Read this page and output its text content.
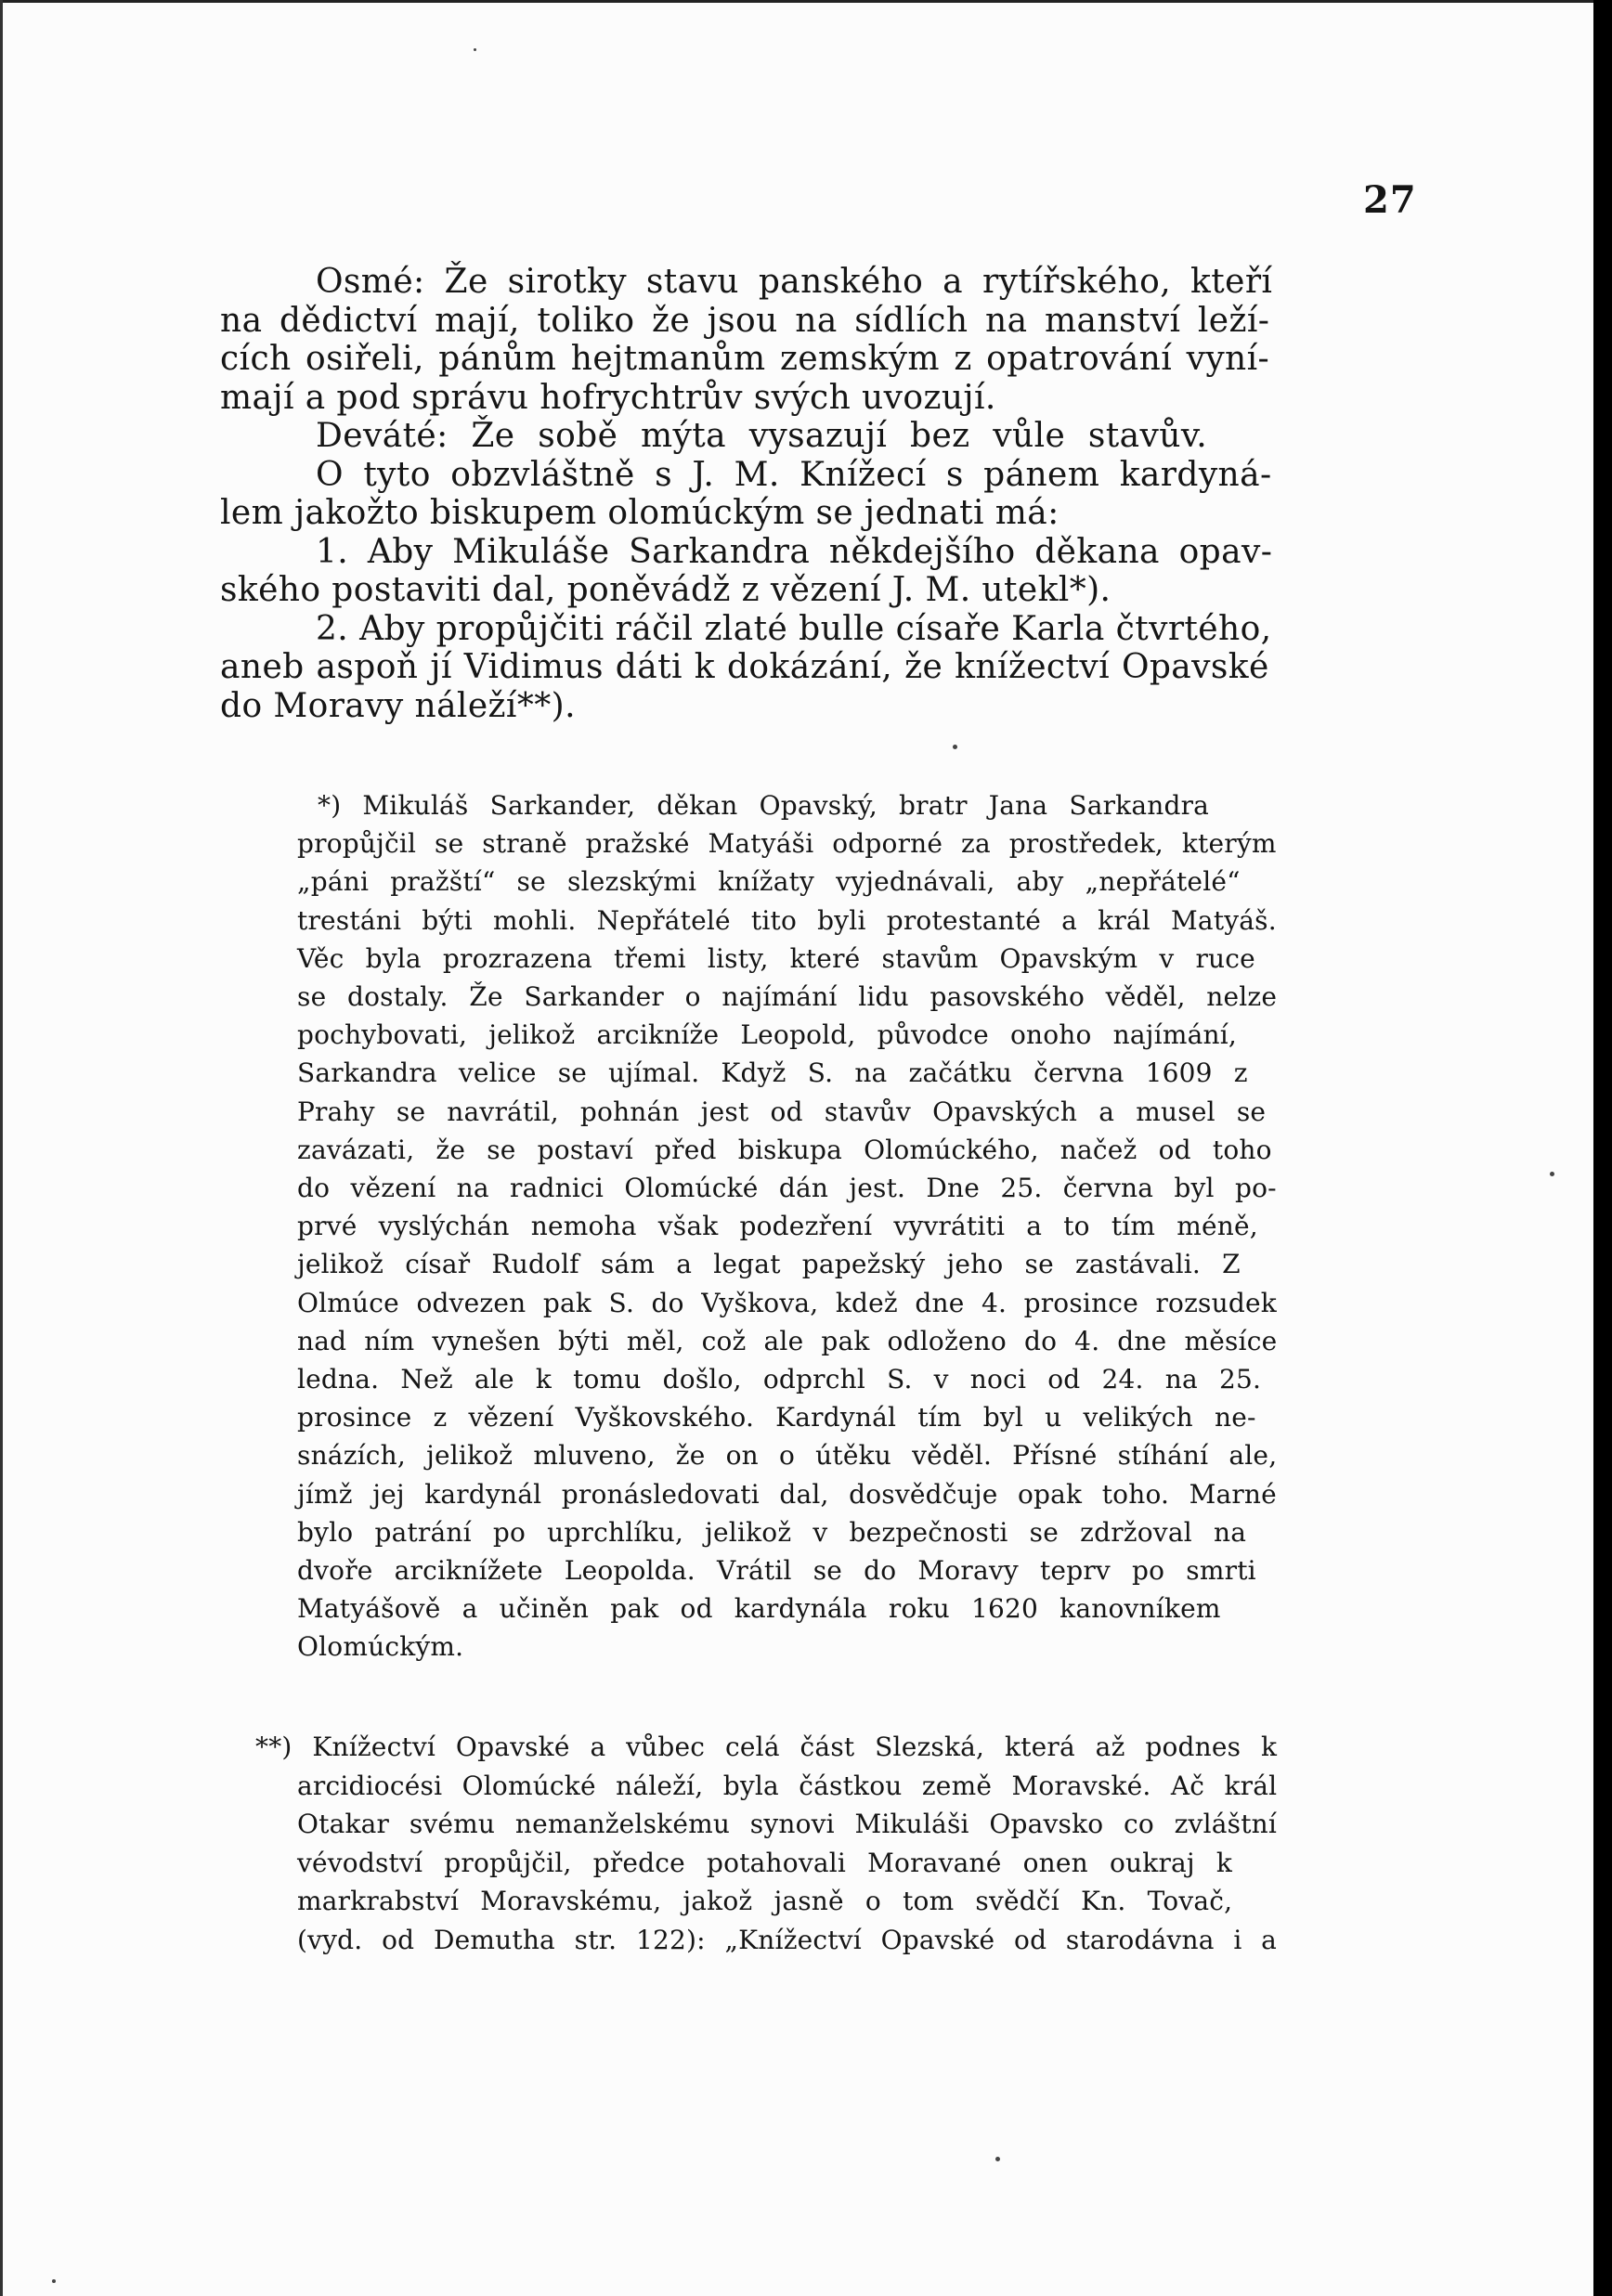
27

Osmé: Že sirotky stavu panského a rytířského, kteří

na dědictví mají, toliko že jsou na sídlích na manství leží-

cích osiřeli, pánům hejtmanům zemským z opatrování vyní-

mají a pod správu hofrychtrův svých uvozují.

Deváté: Že sobě mýta vysazují bez vůle stavův.

O tyto obzvláštně s J. M. Knížecí s pánem kardyná-

lem jakožto biskupem olomúckým se jednati má:

1. Aby Mikuláše Sarkandra někdejšího děkana opav-

ského postaviti dal, poněvádž z vězení J. M. utekl*).

2. Aby propůjčiti ráčil zlaté bulle císaře Karla čtvrtého,

aneb aspoň jí Vidimus dáti k dokázání, že knížectví Opavské

do Moravy náleží**).

*) Mikuláš Sarkander, děkan Opavský, bratr Jana Sarkandra

propůjčil se straně pražské Matyáši odporné za prostředek, kterým

„páni pražští“ se slezskými knížaty vyjednávali, aby „nepřátelé“

trestáni býti mohli. Nepřátelé tito byli protestanté a král Matyáš.

Věc byla prozrazena třemi listy, které stavům Opavským v ruce

se dostaly. Že Sarkander o najímání lidu pasovského věděl, nelze

pochybovati, jelikož arcikníže Leopold, původce onoho najímání,

Sarkandra velice se ujímal. Když S. na začátku června 1609 z

Prahy se navrátil, pohnán jest od stavův Opavských a musel se

zavázati, že se postaví před biskupa Olomúckého, načež od toho

do vězení na radnici Olomúcké dán jest. Dne 25. června byl po-

prvé vyslýchán nemoha však podezření vyvrátiti a to tím méně,

jelikož císař Rudolf sám a legat papežský jeho se zastávali. Z

Olmúce odvezen pak S. do Vyškova, kdež dne 4. prosince rozsudek

nad ním vynešen býti měl, což ale pak odloženo do 4. dne měsíce

ledna. Než ale k tomu došlo, odprchl S. v noci od 24. na 25.

prosince z vězení Vyškovského. Kardynál tím byl u velikých ne-

snázích, jelikož mluveno, že on o útěku věděl. Přísné stíhání ale,

jímž jej kardynál pronásledovati dal, dosvědčuje opak toho. Marné

bylo patrání po uprchlíku, jelikož v bezpečnosti se zdržoval na

dvoře arciknížete Leopolda. Vrátil se do Moravy teprv po smrti

Matyášově a učiněn pak od kardynála roku 1620 kanovníkem

Olomúckým.

**) Knížectví Opavské a vůbec celá část Slezská, která až podnes k

arcidiocési Olomúcké náleží, byla částkou země Moravské. Ač král

Otakar svému nemanželskému synovi Mikuláši Opavsko co zvláštní

vévodství propůjčil, předce potahovali Moravané onen oukraj k

markrabství Moravskému, jakož jasně o tom svědčí Kn. Tovač,

(vyd. od Demutha str. 122): „Knížectví Opavské od starodávna i a
